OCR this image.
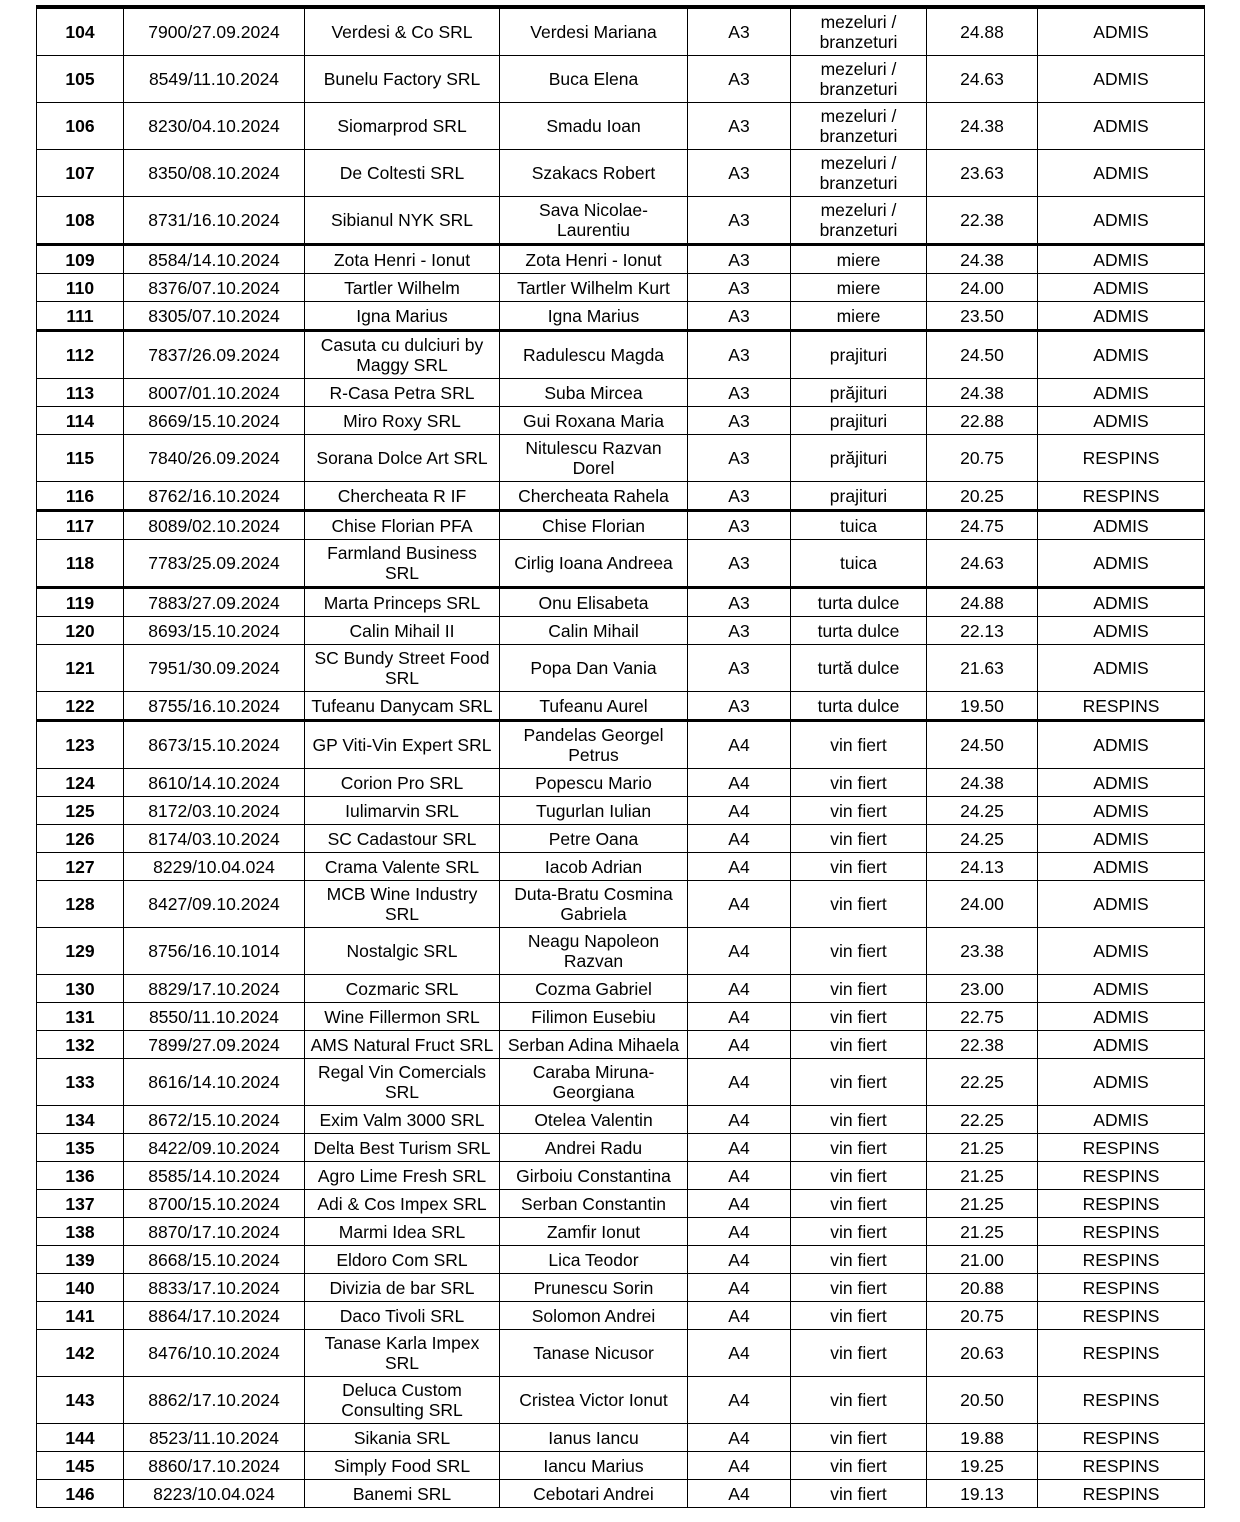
104	7900/27.09.2024	Verdesi & Co SRL	Verdesi Mariana	A3	mezeluri / branzeturi	24.88	ADMIS
105	8549/11.10.2024	Bunelu Factory SRL	Buca Elena	A3	mezeluri / branzeturi	24.63	ADMIS
106	8230/04.10.2024	Siomarprod SRL	Smadu Ioan	A3	mezeluri / branzeturi	24.38	ADMIS
107	8350/08.10.2024	De Coltesti SRL	Szakacs Robert	A3	mezeluri / branzeturi	23.63	ADMIS
108	8731/16.10.2024	Sibianul NYK SRL	Sava Nicolae-Laurentiu	A3	mezeluri / branzeturi	22.38	ADMIS
109	8584/14.10.2024	Zota Henri - Ionut	Zota Henri - Ionut	A3	miere	24.38	ADMIS
110	8376/07.10.2024	Tartler Wilhelm	Tartler Wilhelm Kurt	A3	miere	24.00	ADMIS
111	8305/07.10.2024	Igna Marius	Igna Marius	A3	miere	23.50	ADMIS
112	7837/26.09.2024	Casuta cu dulciuri by Maggy SRL	Radulescu Magda	A3	prajituri	24.50	ADMIS
113	8007/01.10.2024	R-Casa Petra SRL	Suba Mircea	A3	prăjituri	24.38	ADMIS
114	8669/15.10.2024	Miro Roxy SRL	Gui Roxana Maria	A3	prajituri	22.88	ADMIS
115	7840/26.09.2024	Sorana Dolce Art SRL	Nitulescu Razvan Dorel	A3	prăjituri	20.75	RESPINS
116	8762/16.10.2024	Chercheata R IF	Chercheata Rahela	A3	prajituri	20.25	RESPINS
117	8089/02.10.2024	Chise Florian PFA	Chise Florian	A3	tuica	24.75	ADMIS
118	7783/25.09.2024	Farmland Business SRL	Cirlig Ioana Andreea	A3	tuica	24.63	ADMIS
119	7883/27.09.2024	Marta Princeps SRL	Onu Elisabeta	A3	turta dulce	24.88	ADMIS
120	8693/15.10.2024	Calin Mihail II	Calin Mihail	A3	turta dulce	22.13	ADMIS
121	7951/30.09.2024	SC Bundy Street Food SRL	Popa Dan Vania	A3	turtă dulce	21.63	ADMIS
122	8755/16.10.2024	Tufeanu Danycam SRL	Tufeanu Aurel	A3	turta dulce	19.50	RESPINS
123	8673/15.10.2024	GP Viti-Vin Expert SRL	Pandelas Georgel Petrus	A4	vin fiert	24.50	ADMIS
124	8610/14.10.2024	Corion Pro SRL	Popescu Mario	A4	vin fiert	24.38	ADMIS
125	8172/03.10.2024	Iulimarvin SRL	Tugurlan Iulian	A4	vin fiert	24.25	ADMIS
126	8174/03.10.2024	SC Cadastour SRL	Petre Oana	A4	vin fiert	24.25	ADMIS
127	8229/10.04.024	Crama Valente SRL	Iacob Adrian	A4	vin fiert	24.13	ADMIS
128	8427/09.10.2024	MCB Wine Industry SRL	Duta-Bratu Cosmina Gabriela	A4	vin fiert	24.00	ADMIS
129	8756/16.10.1014	Nostalgic SRL	Neagu Napoleon Razvan	A4	vin fiert	23.38	ADMIS
130	8829/17.10.2024	Cozmaric SRL	Cozma Gabriel	A4	vin fiert	23.00	ADMIS
131	8550/11.10.2024	Wine Fillermon SRL	Filimon Eusebiu	A4	vin fiert	22.75	ADMIS
132	7899/27.09.2024	AMS Natural Fruct SRL	Serban Adina Mihaela	A4	vin fiert	22.38	ADMIS
133	8616/14.10.2024	Regal Vin Comercials SRL	Caraba Miruna-Georgiana	A4	vin fiert	22.25	ADMIS
134	8672/15.10.2024	Exim Valm 3000 SRL	Otelea Valentin	A4	vin fiert	22.25	ADMIS
135	8422/09.10.2024	Delta Best Turism SRL	Andrei Radu	A4	vin fiert	21.25	RESPINS
136	8585/14.10.2024	Agro Lime Fresh SRL	Girboiu Constantina	A4	vin fiert	21.25	RESPINS
137	8700/15.10.2024	Adi & Cos Impex SRL	Serban Constantin	A4	vin fiert	21.25	RESPINS
138	8870/17.10.2024	Marmi Idea SRL	Zamfir Ionut	A4	vin fiert	21.25	RESPINS
139	8668/15.10.2024	Eldoro Com SRL	Lica Teodor	A4	vin fiert	21.00	RESPINS
140	8833/17.10.2024	Divizia de bar SRL	Prunescu Sorin	A4	vin fiert	20.88	RESPINS
141	8864/17.10.2024	Daco Tivoli SRL	Solomon Andrei	A4	vin fiert	20.75	RESPINS
142	8476/10.10.2024	Tanase Karla Impex SRL	Tanase Nicusor	A4	vin fiert	20.63	RESPINS
143	8862/17.10.2024	Deluca Custom Consulting SRL	Cristea Victor Ionut	A4	vin fiert	20.50	RESPINS
144	8523/11.10.2024	Sikania SRL	Ianus Iancu	A4	vin fiert	19.88	RESPINS
145	8860/17.10.2024	Simply Food SRL	Iancu Marius	A4	vin fiert	19.25	RESPINS
146	8223/10.04.024	Banemi SRL	Cebotari Andrei	A4	vin fiert	19.13	RESPINS
